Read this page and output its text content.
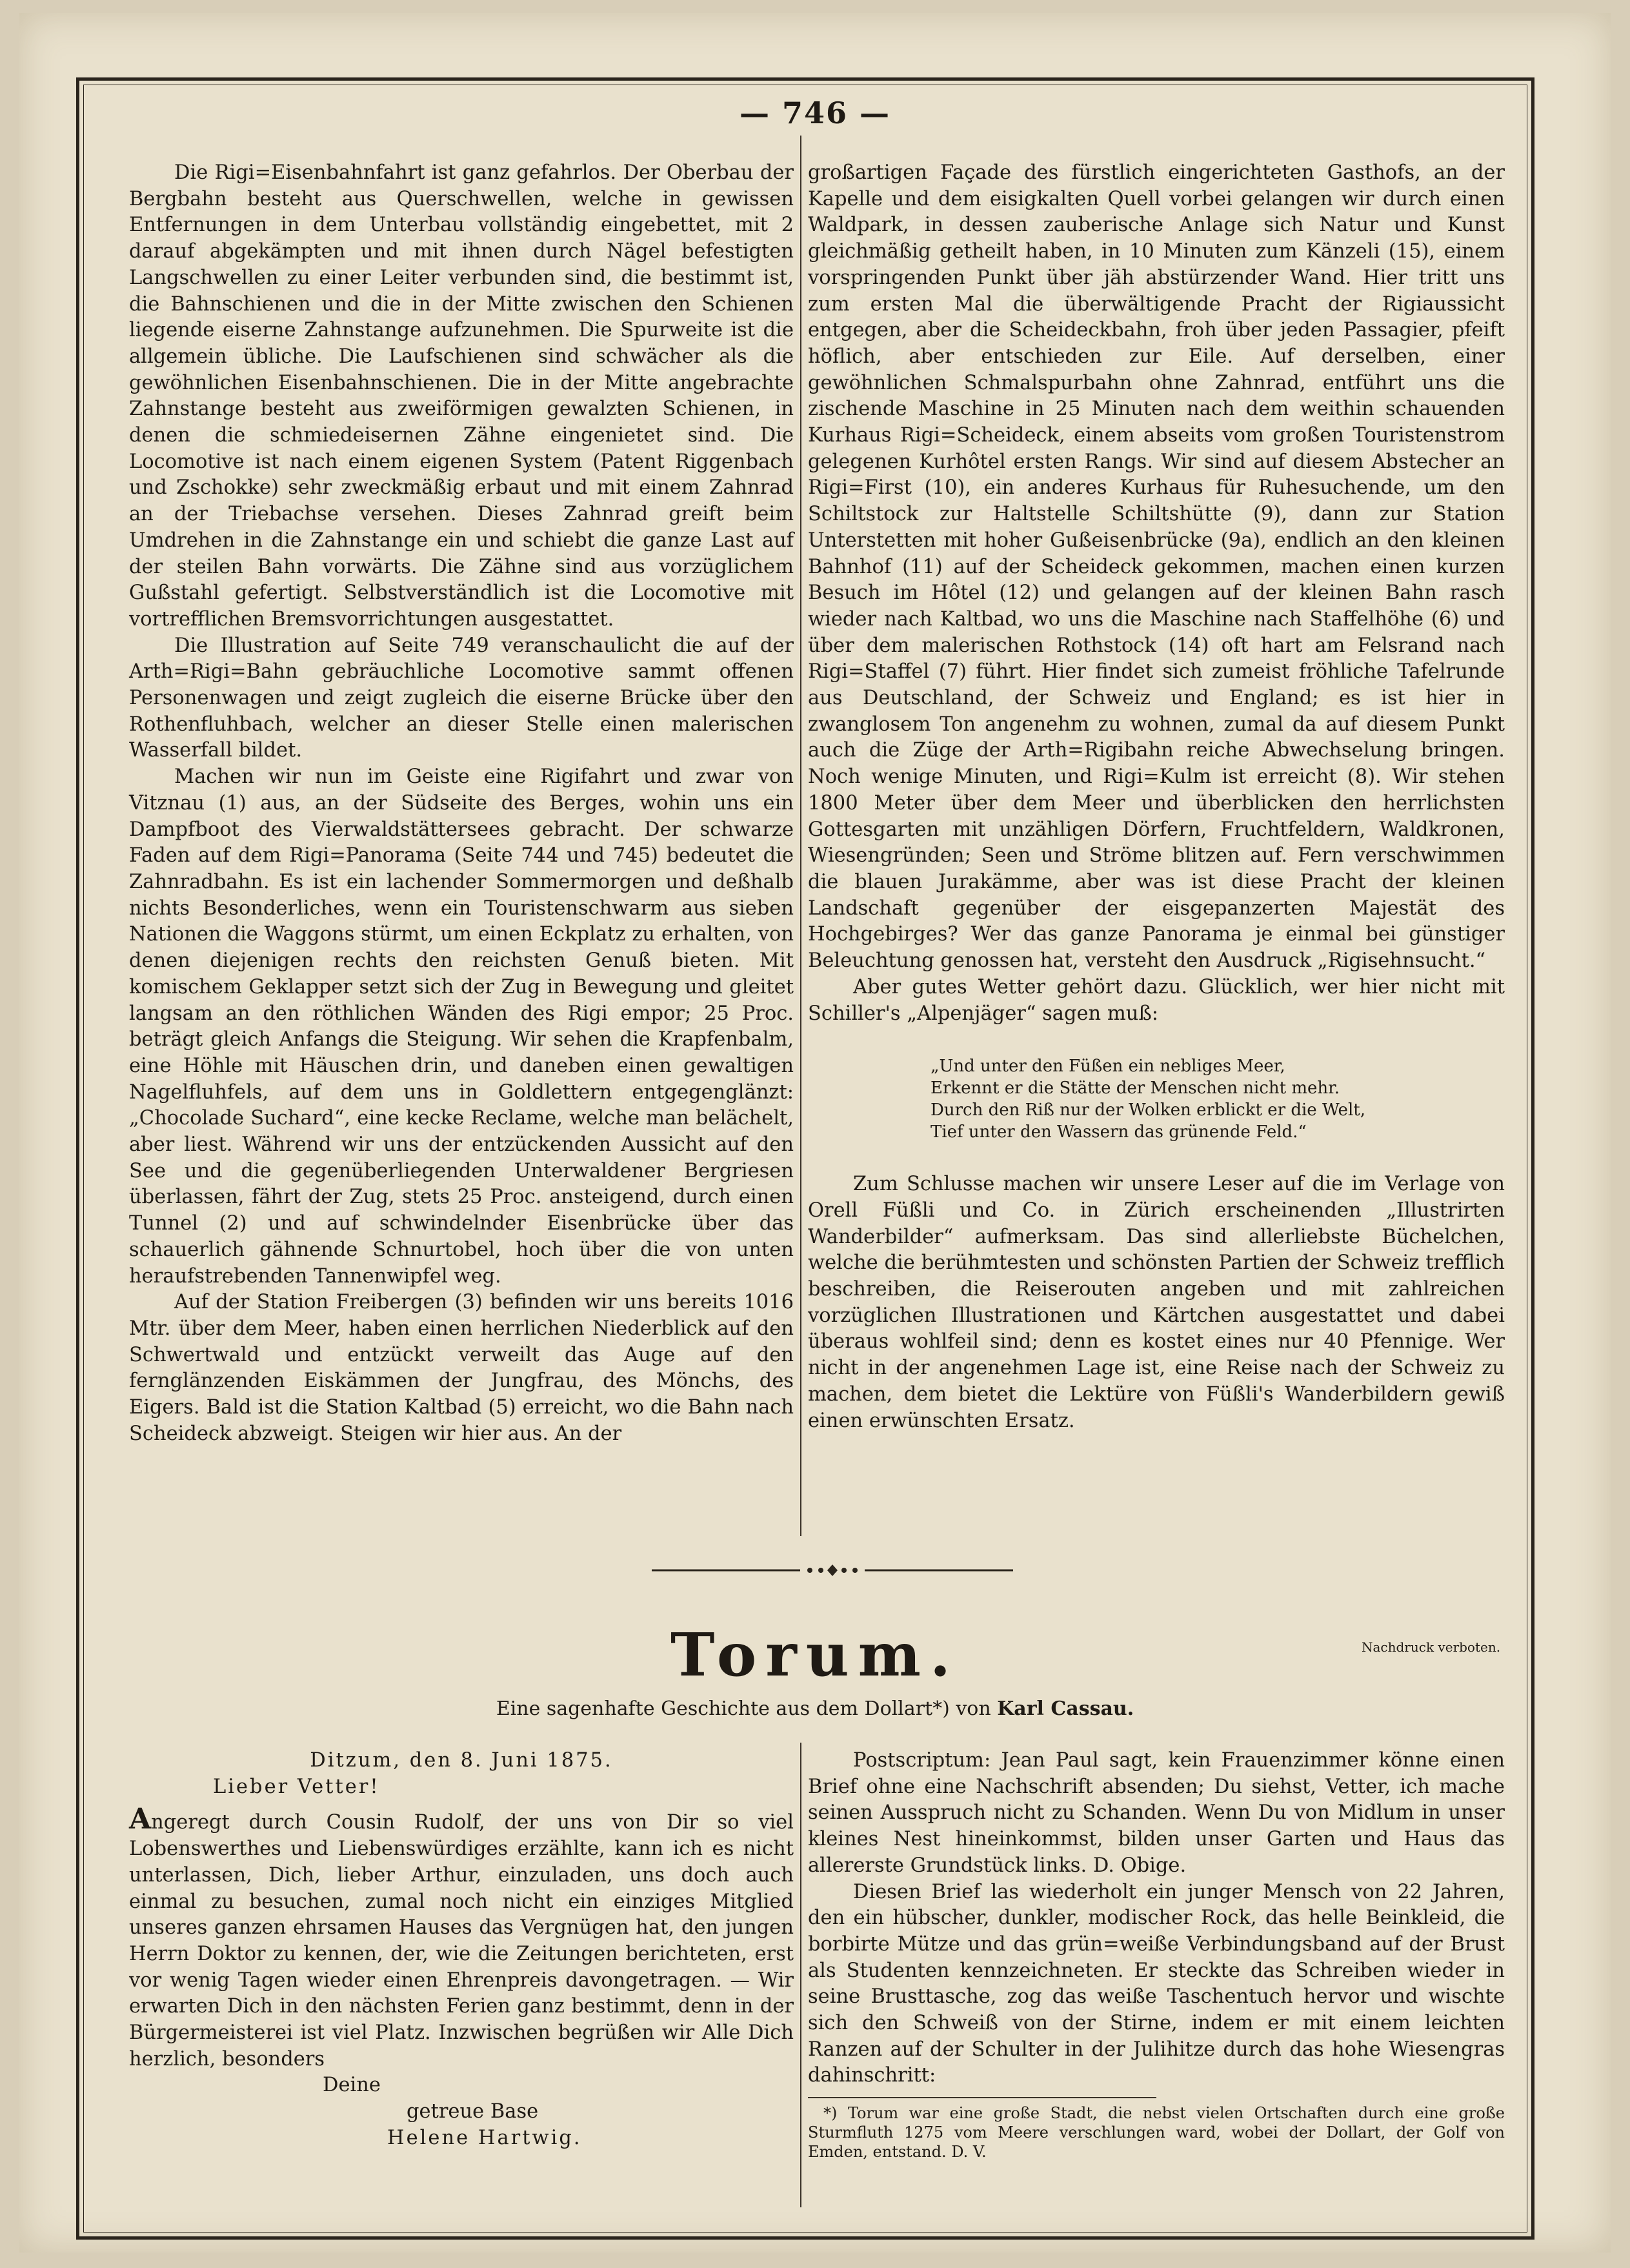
— 746 —

Die Rigi=Eisenbahnfahrt ist ganz gefahrlos. Der Oberbau der Bergbahn besteht aus Querschwellen, welche in gewissen Entfernungen in dem Unterbau vollständig eingebettet, mit 2 darauf abgekämpten und mit ihnen durch Nägel befestigten Langschwellen zu einer Leiter verbunden sind, die bestimmt ist, die Bahnschienen und die in der Mitte zwischen den Schienen liegende eiserne Zahnstange aufzunehmen. Die Spurweite ist die allgemein übliche. Die Laufschienen sind schwächer als die gewöhnlichen Eisenbahnschienen. Die in der Mitte angebrachte Zahnstange besteht aus zweiförmigen gewalzten Schienen, in denen die schmiedeisernen Zähne eingenietet sind. Die Locomotive ist nach einem eigenen System (Patent Riggenbach und Zschokke) sehr zweckmäßig erbaut und mit einem Zahnrad an der Triebachse versehen. Dieses Zahnrad greift beim Umdrehen in die Zahnstange ein und schiebt die ganze Last auf der steilen Bahn vorwärts. Die Zähne sind aus vorzüglichem Gußstahl gefertigt. Selbstverständlich ist die Locomotive mit vortrefflichen Bremsvorrichtungen ausgestattet.

Die Illustration auf Seite 749 veranschaulicht die auf der Arth=Rigi=Bahn gebräuchliche Locomotive sammt offenen Personenwagen und zeigt zugleich die eiserne Brücke über den Rothenfluhbach, welcher an dieser Stelle einen malerischen Wasserfall bildet.

Machen wir nun im Geiste eine Rigifahrt und zwar von Vitznau (1) aus, an der Südseite des Berges, wohin uns ein Dampfboot des Vierwaldstättersees gebracht. Der schwarze Faden auf dem Rigi=Panorama (Seite 744 und 745) bedeutet die Zahnradbahn. Es ist ein lachender Sommermorgen und deßhalb nichts Besonderliches, wenn ein Touristenschwarm aus sieben Nationen die Waggons stürmt, um einen Eckplatz zu erhalten, von denen diejenigen rechts den reichsten Genuß bieten. Mit komischem Geklapper setzt sich der Zug in Bewegung und gleitet langsam an den röthlichen Wänden des Rigi empor; 25 Proc. beträgt gleich Anfangs die Steigung. Wir sehen die Krapfenbalm, eine Höhle mit Häuschen drin, und daneben einen gewaltigen Nagelfluhfels, auf dem uns in Goldlettern entgegenglänzt: „Chocolade Suchard“, eine kecke Reclame, welche man belächelt, aber liest. Während wir uns der entzückenden Aussicht auf den See und die gegenüberliegenden Unterwaldener Bergriesen überlassen, fährt der Zug, stets 25 Proc. ansteigend, durch einen Tunnel (2) und auf schwindelnder Eisenbrücke über das schauerlich gähnende Schnurtobel, hoch über die von unten heraufstrebenden Tannenwipfel weg.

Auf der Station Freibergen (3) befinden wir uns bereits 1016 Mtr. über dem Meer, haben einen herrlichen Niederblick auf den Schwertwald und entzückt verweilt das Auge auf den fernglänzenden Eiskämmen der Jungfrau, des Mönchs, des Eigers. Bald ist die Station Kaltbad (5) erreicht, wo die Bahn nach Scheideck abzweigt. Steigen wir hier aus. An der

großartigen Façade des fürstlich eingerichteten Gasthofs, an der Kapelle und dem eisigkalten Quell vorbei gelangen wir durch einen Waldpark, in dessen zauberische Anlage sich Natur und Kunst gleichmäßig getheilt haben, in 10 Minuten zum Känzeli (15), einem vorspringenden Punkt über jäh abstürzender Wand. Hier tritt uns zum ersten Mal die überwältigende Pracht der Rigiaussicht entgegen, aber die Scheideckbahn, froh über jeden Passagier, pfeift höflich, aber entschieden zur Eile. Auf derselben, einer gewöhnlichen Schmalspurbahn ohne Zahnrad, entführt uns die zischende Maschine in 25 Minuten nach dem weithin schauenden Kurhaus Rigi=Scheideck, einem abseits vom großen Touristenstrom gelegenen Kurhôtel ersten Rangs. Wir sind auf diesem Abstecher an Rigi=First (10), ein anderes Kurhaus für Ruhesuchende, um den Schiltstock zur Haltstelle Schiltshütte (9), dann zur Station Unterstetten mit hoher Gußeisenbrücke (9a), endlich an den kleinen Bahnhof (11) auf der Scheideck gekommen, machen einen kurzen Besuch im Hôtel (12) und gelangen auf der kleinen Bahn rasch wieder nach Kaltbad, wo uns die Maschine nach Staffelhöhe (6) und über dem malerischen Rothstock (14) oft hart am Felsrand nach Rigi=Staffel (7) führt. Hier findet sich zumeist fröhliche Tafelrunde aus Deutschland, der Schweiz und England; es ist hier in zwanglosem Ton angenehm zu wohnen, zumal da auf diesem Punkt auch die Züge der Arth=Rigibahn reiche Abwechselung bringen. Noch wenige Minuten, und Rigi=Kulm ist erreicht (8). Wir stehen 1800 Meter über dem Meer und überblicken den herrlichsten Gottesgarten mit unzähligen Dörfern, Fruchtfeldern, Waldkronen, Wiesengründen; Seen und Ströme blitzen auf. Fern verschwimmen die blauen Jurakämme, aber was ist diese Pracht der kleinen Landschaft gegenüber der eisgepanzerten Majestät des Hochgebirges? Wer das ganze Panorama je einmal bei günstiger Beleuchtung genossen hat, versteht den Ausdruck „Rigisehnsucht.“

Aber gutes Wetter gehört dazu. Glücklich, wer hier nicht mit Schiller's „Alpenjäger“ sagen muß:

„Und unter den Füßen ein nebliges Meer,
Erkennt er die Stätte der Menschen nicht mehr.
Durch den Riß nur der Wolken erblickt er die Welt,
Tief unter den Wassern das grünende Feld.“

Zum Schlusse machen wir unsere Leser auf die im Verlage von Orell Füßli und Co. in Zürich erscheinenden „Illustrirten Wanderbilder“ aufmerksam. Das sind allerliebste Büchelchen, welche die berühmtesten und schönsten Partien der Schweiz trefflich beschreiben, die Reiserouten angeben und mit zahlreichen vorzüglichen Illustrationen und Kärtchen ausgestattet und dabei überaus wohlfeil sind; denn es kostet eines nur 40 Pfennige. Wer nicht in der angenehmen Lage ist, eine Reise nach der Schweiz zu machen, dem bietet die Lektüre von Füßli's Wanderbildern gewiß einen erwünschten Ersatz.

Nachdruck verboten.
Torum.
Eine sagenhafte Geschichte aus dem Dollart*) von Karl Cassau.

Ditzum, den 8. Juni 1875.

Lieber Vetter!

Angeregt durch Cousin Rudolf, der uns von Dir so viel Lobenswerthes und Liebenswürdiges erzählte, kann ich es nicht unterlassen, Dich, lieber Arthur, einzuladen, uns doch auch einmal zu besuchen, zumal noch nicht ein einziges Mitglied unseres ganzen ehrsamen Hauses das Vergnügen hat, den jungen Herrn Doktor zu kennen, der, wie die Zeitungen berichteten, erst vor wenig Tagen wieder einen Ehrenpreis davongetragen. — Wir erwarten Dich in den nächsten Ferien ganz bestimmt, denn in der Bürgermeisterei ist viel Platz. Inzwischen begrüßen wir Alle Dich herzlich, besonders

Deine

getreue Base

Helene Hartwig.

Postscriptum: Jean Paul sagt, kein Frauenzimmer könne einen Brief ohne eine Nachschrift absenden; Du siehst, Vetter, ich mache seinen Ausspruch nicht zu Schanden. Wenn Du von Midlum in unser kleines Nest hineinkommst, bilden unser Garten und Haus das allererste Grundstück links. D. Obige.

Diesen Brief las wiederholt ein junger Mensch von 22 Jahren, den ein hübscher, dunkler, modischer Rock, das helle Beinkleid, die borbirte Mütze und das grün=weiße Verbindungsband auf der Brust als Studenten kennzeichneten. Er steckte das Schreiben wieder in seine Brusttasche, zog das weiße Taschentuch hervor und wischte sich den Schweiß von der Stirne, indem er mit einem leichten Ranzen auf der Schulter in der Julihitze durch das hohe Wiesengras dahinschritt:

*) Torum war eine große Stadt, die nebst vielen Ortschaften durch eine große Sturmfluth 1275 vom Meere verschlungen ward, wobei der Dollart, der Golf von Emden, entstand. D. V.
